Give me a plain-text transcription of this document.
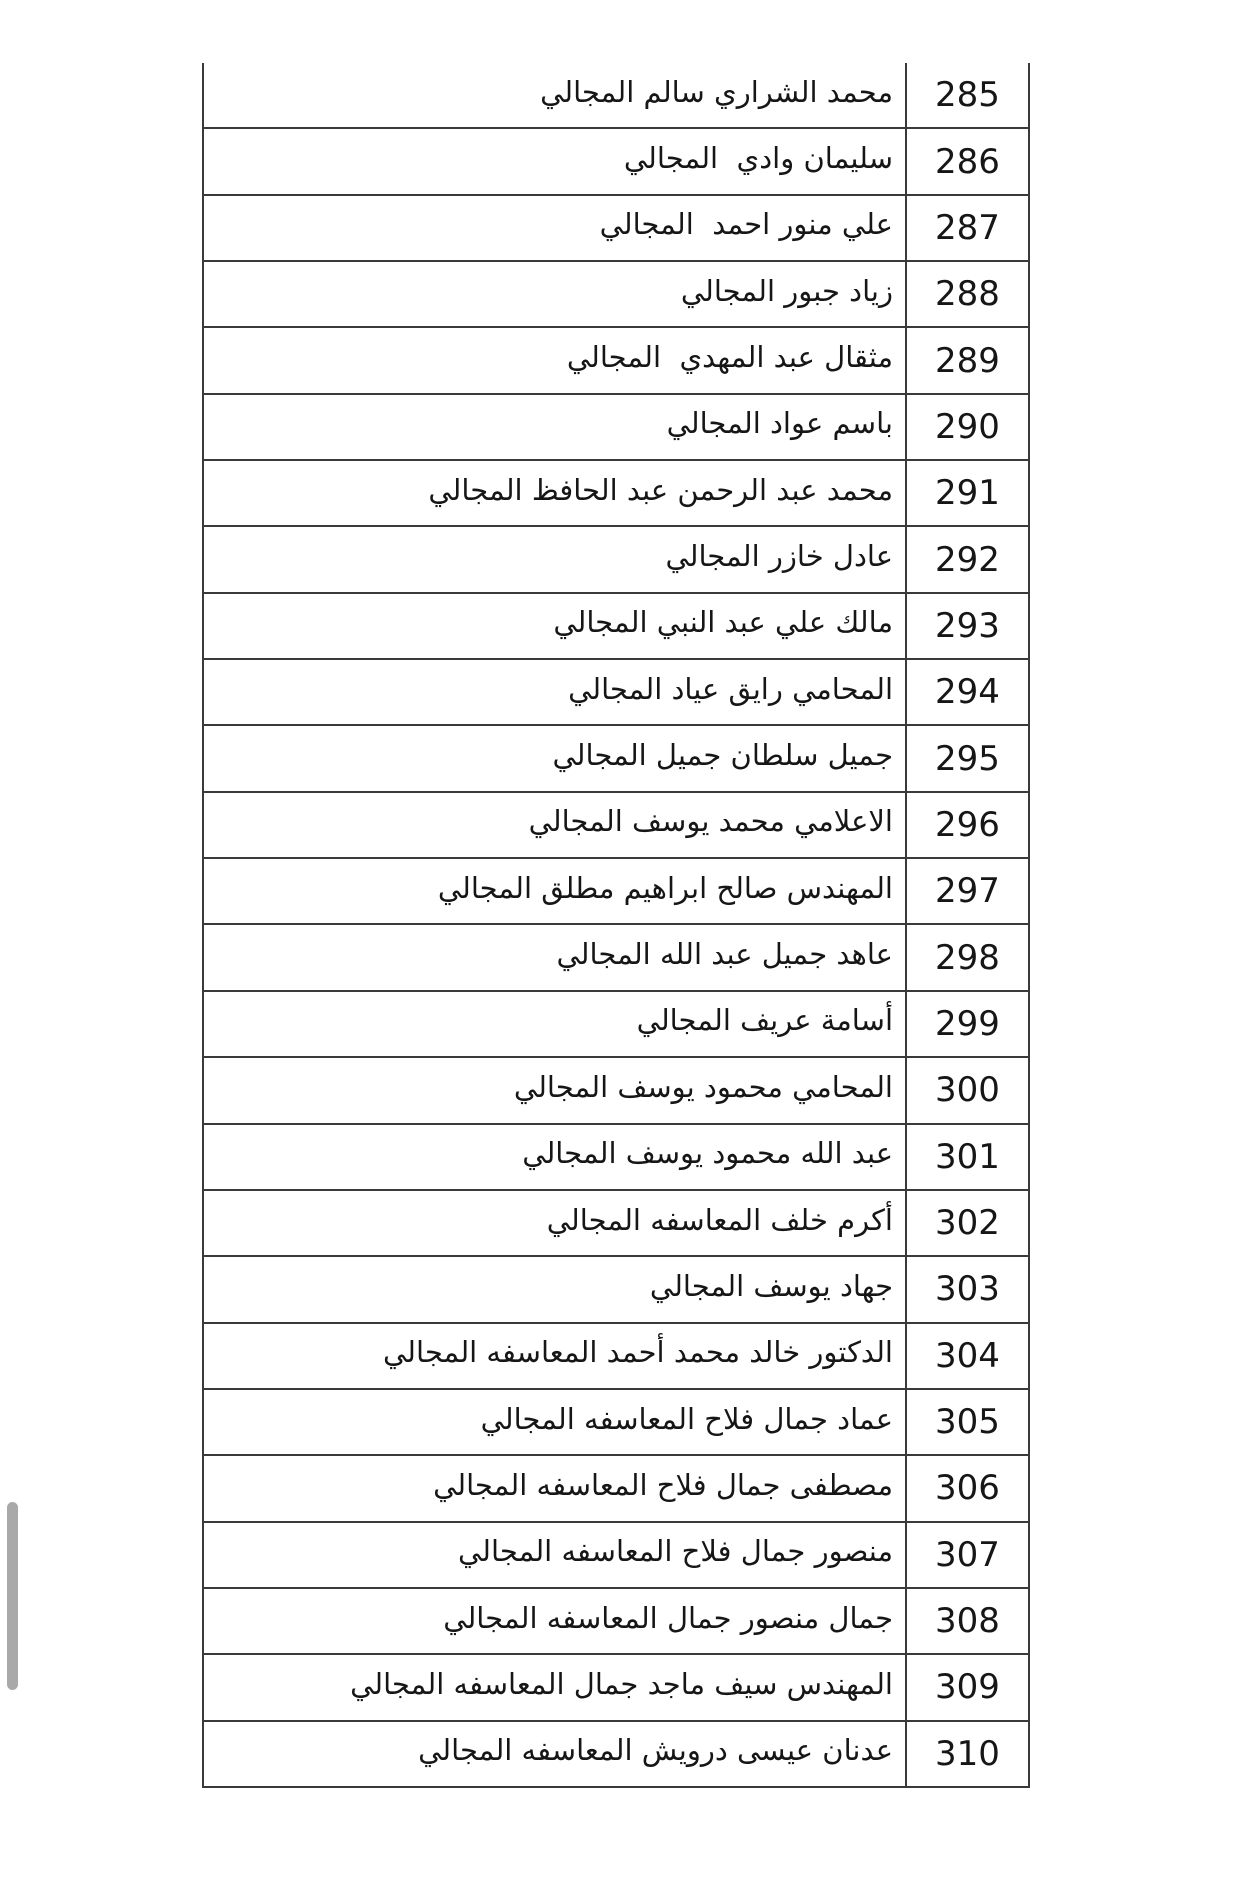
محمد الشراري سالم المجالي 285
سليمان وادي  المجالي 286
علي منور احمد  المجالي 287
زياد جبور المجالي 288
مثقال عبد المهدي  المجالي 289
باسم عواد المجالي 290
محمد عبد الرحمن عبد الحافظ المجالي 291
عادل خازر المجالي 292
مالك علي عبد النبي المجالي 293
المحامي رايق عياد المجالي 294
جميل سلطان جميل المجالي 295
الاعلامي محمد يوسف المجالي 296
المهندس صالح ابراهيم مطلق المجالي 297
عاهد جميل عبد الله المجالي 298
أسامة عريف المجالي 299
المحامي محمود يوسف المجالي 300
عبد الله محمود يوسف المجالي 301
أكرم خلف المعاسفه المجالي 302
جهاد يوسف المجالي 303
الدكتور خالد محمد أحمد المعاسفه المجالي 304
عماد جمال فلاح المعاسفه المجالي 305
مصطفى جمال فلاح المعاسفه المجالي 306
منصور جمال فلاح المعاسفه المجالي 307
جمال منصور جمال المعاسفه المجالي 308
المهندس سيف ماجد جمال المعاسفه المجالي 309
عدنان عيسى درويش المعاسفه المجالي 310
